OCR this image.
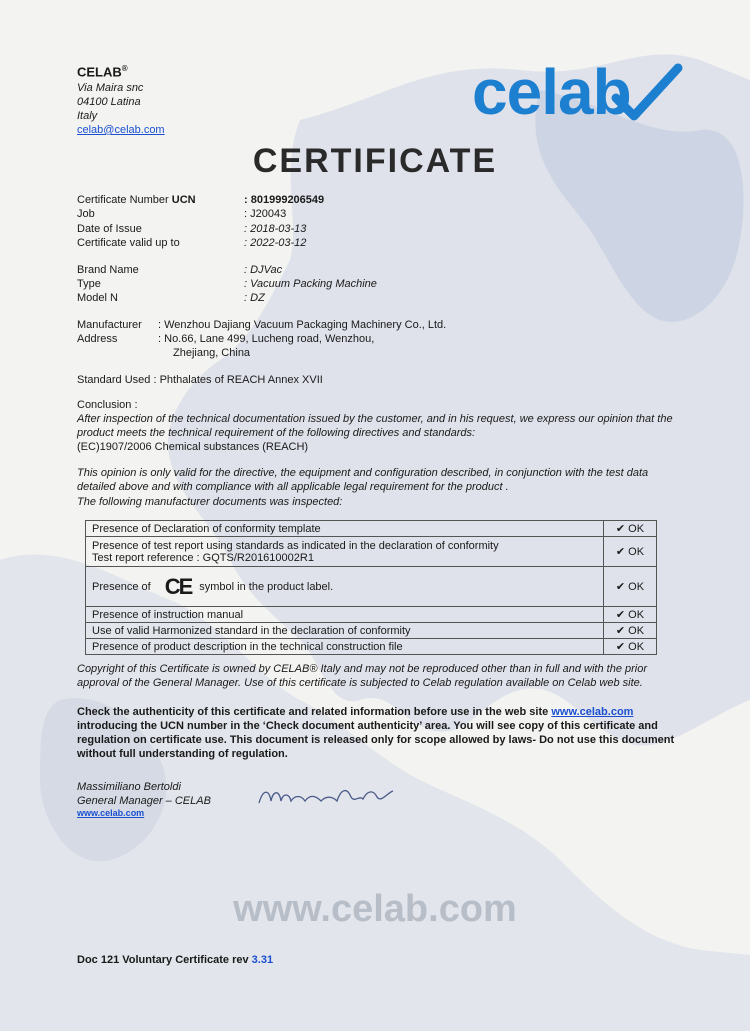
CELAB®
Via Maira snc
04100 Latina
Italy
celab@celab.com
celab
CERTIFICATE
Certificate Number UCN	: 801999206549
Job	: J20043
Date of Issue	: 2018-03-13
Certificate valid up to	: 2022-03-12
Brand Name	: DJVac
Type	: Vacuum Packing Machine
Model N	: DZ
Manufacturer : Wenzhou Dajiang Vacuum Packaging Machinery Co., Ltd.
Address	: No.66, Lane 499, Lucheng road, Wenzhou,
Zhejiang, China
Standard Used : Phthalates of REACH Annex XVII
Conclusion :
After inspection of the technical documentation issued by the customer, and in his request, we express our opinion that the product meets the technical requirement of the following directives and standards:
(EC)1907/2006 Chemical substances (REACH)
This opinion is only valid for the directive, the equipment and configuration described, in conjunction with the test data detailed above and with compliance with all applicable legal requirement for the product .
The following manufacturer documents was inspected:
Presence of Declaration of conformity template	✔ OK

Presence of test report using standards as indicated in the declaration of conformity
Test report reference : GQTS/R201610002R1	✔ OK
Presence of CE symbol in the product label.	✔ OK
Presence of instruction manual	✔ OK
Use of valid Harmonized standard in the declaration of conformity	✔ OK
Presence of product description in the technical construction file	✔ OK
Copyright of this Certificate is owned by CELAB® Italy and may not be reproduced other than in full and with the prior approval of the General Manager. Use of this certificate is subjected to Celab regulation available on Celab web site.
Check the authenticity of this certificate and related information before use in the web site www.celab.com introducing the UCN number in the ‘Check document authenticity’ area. You will see copy of this certificate and regulation on certificate use. This document is released only for scope allowed by laws- Do not use this document without full understanding of regulation.
Massimiliano Bertoldi
General Manager – CELAB
www.celab.com
www.celab.com
Doc 121 Voluntary Certificate rev 3.31
